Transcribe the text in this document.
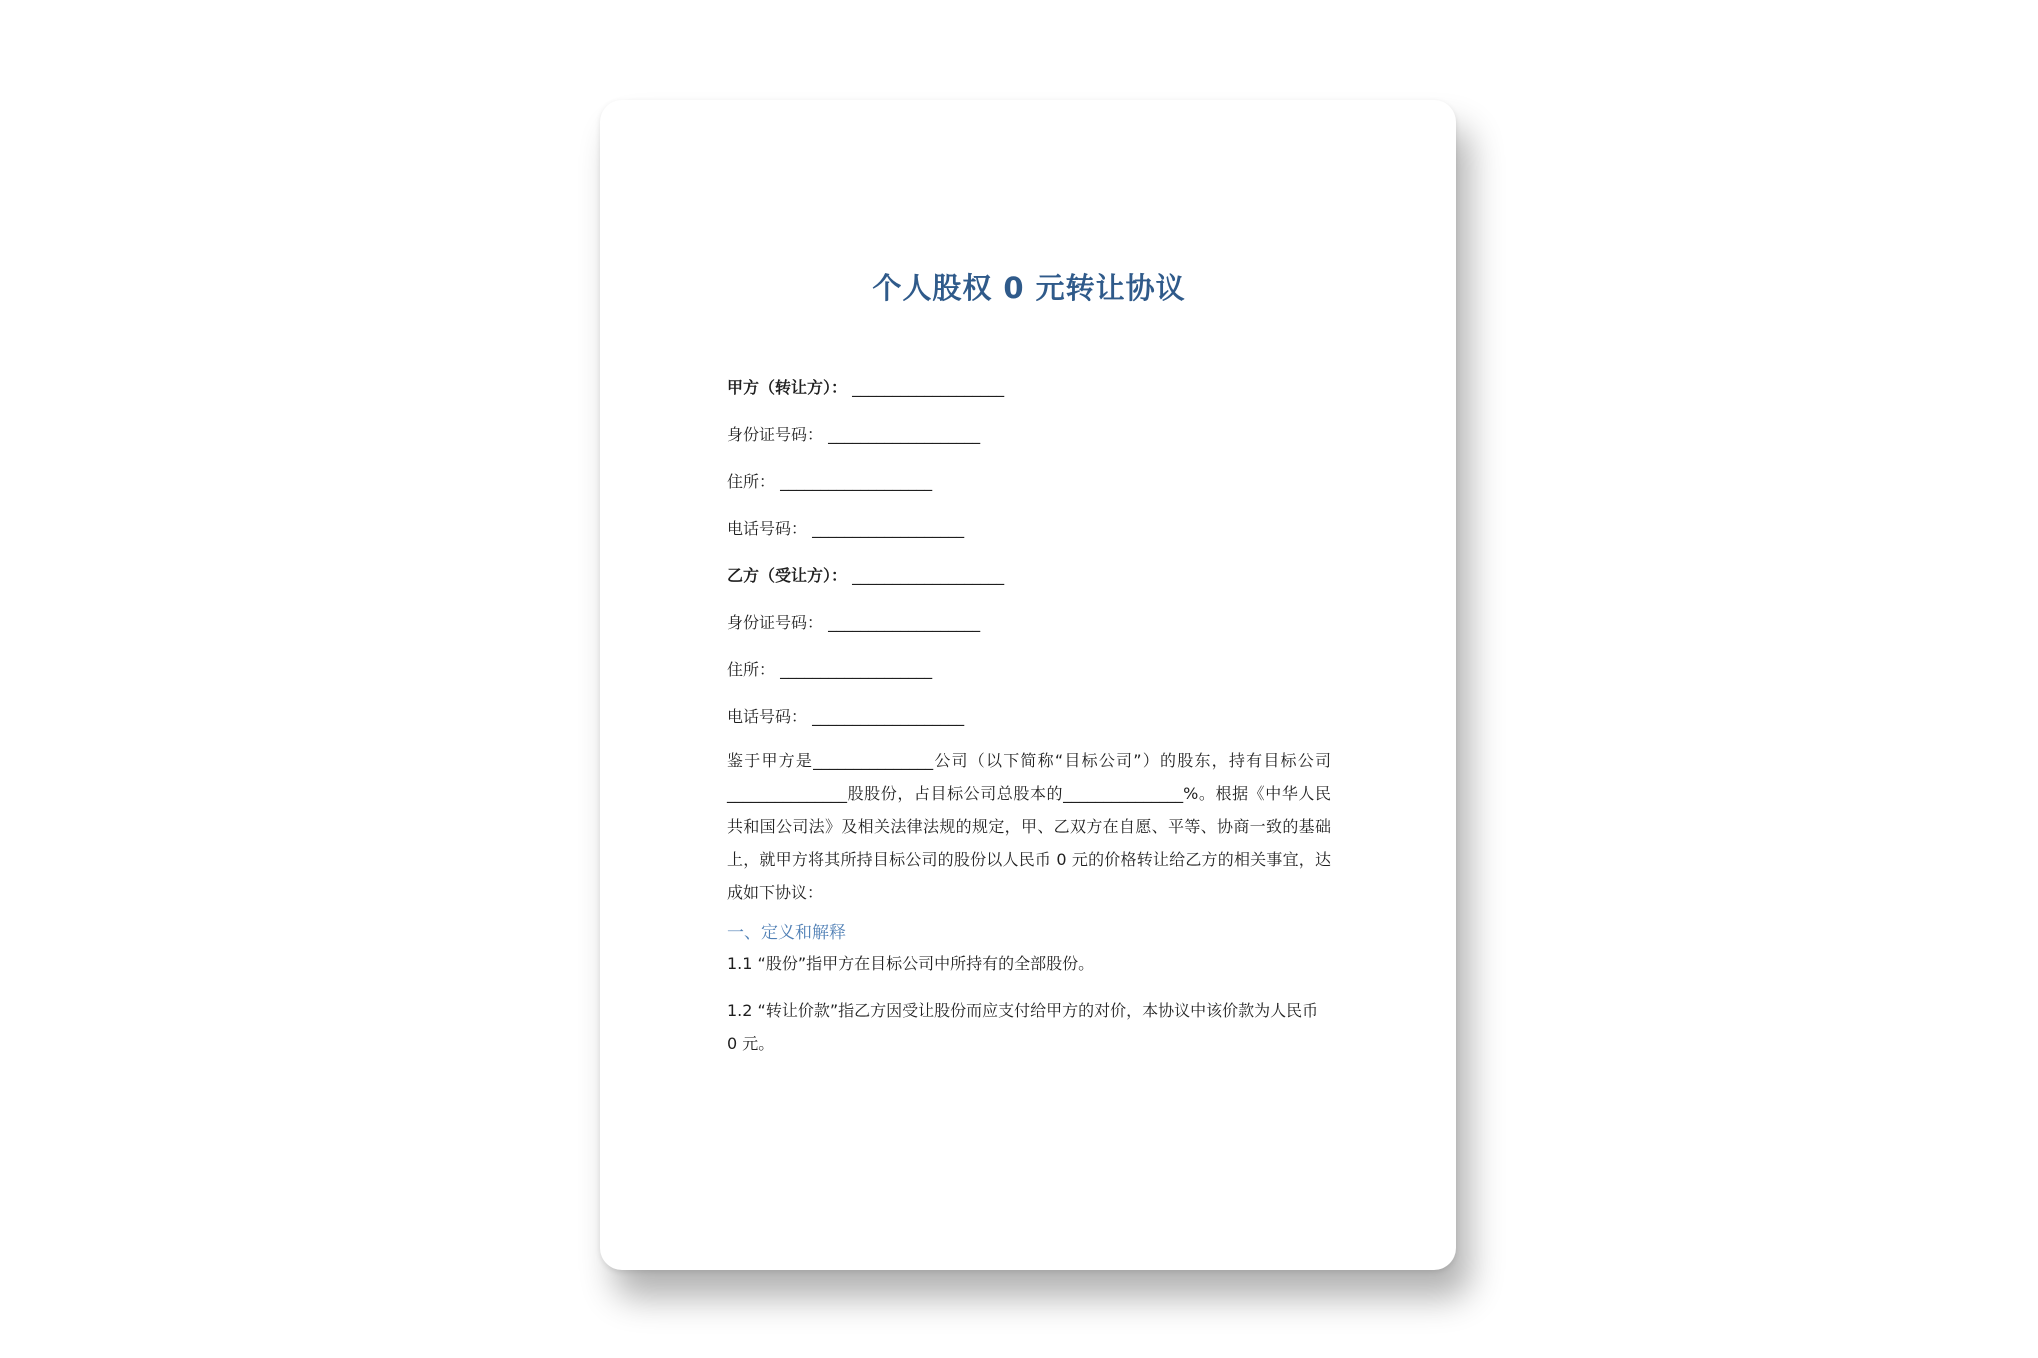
个人股权 0 元转让协议
甲方（转让方）： ___________________
身份证号码： ___________________
住所： ___________________
电话号码： ___________________
乙方（受让方）： ___________________
身份证号码： ___________________
住所： ___________________
电话号码： ___________________

鉴于甲方是_______________公司（以下简称“目标公司”）的股东，持有目标公司_______________股股份，占目标公司总股本的_______________%。根据《中华人民共和国公司法》及相关法律法规的规定，甲、乙双方在自愿、平等、协商一致的基础上，就甲方将其所持目标公司的股份以人民币 0 元的价格转让给乙方的相关事宜，达成如下协议：

一、定义和解释
1.1 “股份”指甲方在目标公司中所持有的全部股份。
1.2 “转让价款”指乙方因受让股份而应支付给甲方的对价，本协议中该价款为人民币 0 元。
